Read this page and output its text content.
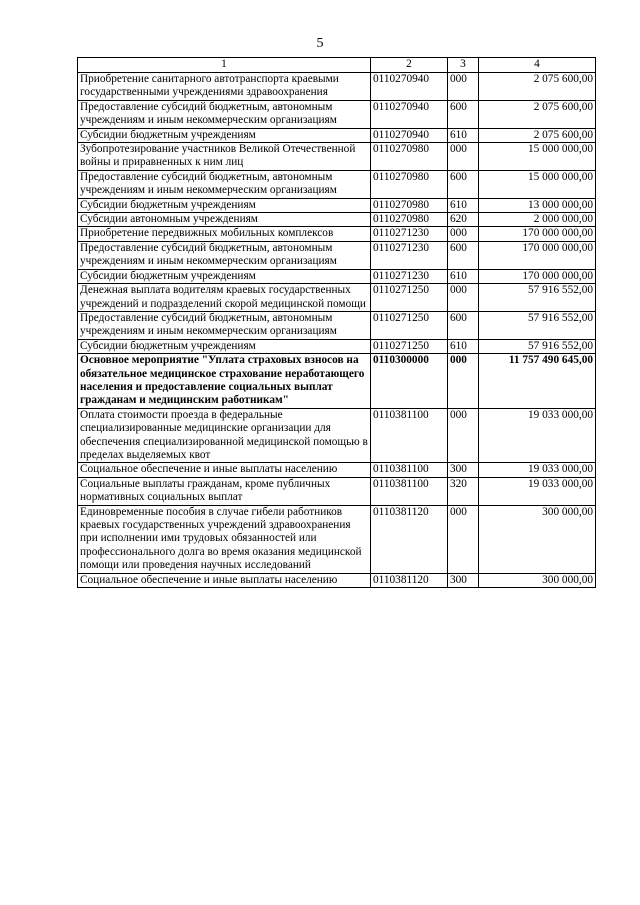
5
1	2	3	4
Приобретение санитарного автотранспорта краевыми государственными учреждениями здравоохранения	0110270940	000	2 075 600,00
Предоставление субсидий бюджетным, автономным учреждениям и иным некоммерческим организациям	0110270940	600	2 075 600,00
Субсидии бюджетным учреждениям	0110270940	610	2 075 600,00
Зубопротезирование участников Великой Отечественной войны и приравненных к ним лиц	0110270980	000	15 000 000,00
Предоставление субсидий бюджетным, автономным учреждениям и иным некоммерческим организациям	0110270980	600	15 000 000,00
Субсидии бюджетным учреждениям	0110270980	610	13 000 000,00
Субсидии автономным учреждениям	0110270980	620	2 000 000,00
Приобретение передвижных мобильных комплексов	0110271230	000	170 000 000,00
Предоставление субсидий бюджетным, автономным учреждениям и иным некоммерческим организациям	0110271230	600	170 000 000,00
Субсидии бюджетным учреждениям	0110271230	610	170 000 000,00
Денежная выплата водителям краевых государственных учреждений и подразделений скорой медицинской помощи	0110271250	000	57 916 552,00
Предоставление субсидий бюджетным, автономным учреждениям и иным некоммерческим организациям	0110271250	600	57 916 552,00
Субсидии бюджетным учреждениям	0110271250	610	57 916 552,00
Основное мероприятие "Уплата страховых взносов на обязательное медицинское страхование неработающего населения и предоставление социальных выплат гражданам и медицинским работникам"	0110300000	000	11 757 490 645,00
Оплата стоимости проезда в федеральные специализированные медицинские организации для обеспечения специализированной медицинской помощью в пределах выделяемых квот	0110381100	000	19 033 000,00
Социальное обеспечение и иные выплаты населению	0110381100	300	19 033 000,00
Социальные выплаты гражданам, кроме публичных нормативных социальных выплат	0110381100	320	19 033 000,00
Единовременные пособия в случае гибели работников краевых государственных учреждений здравоохранения при исполнении ими трудовых обязанностей или профессионального долга во время оказания медицинской помощи или проведения научных исследований	0110381120	000	300 000,00
Социальное обеспечение и иные выплаты населению	0110381120	300	300 000,00
